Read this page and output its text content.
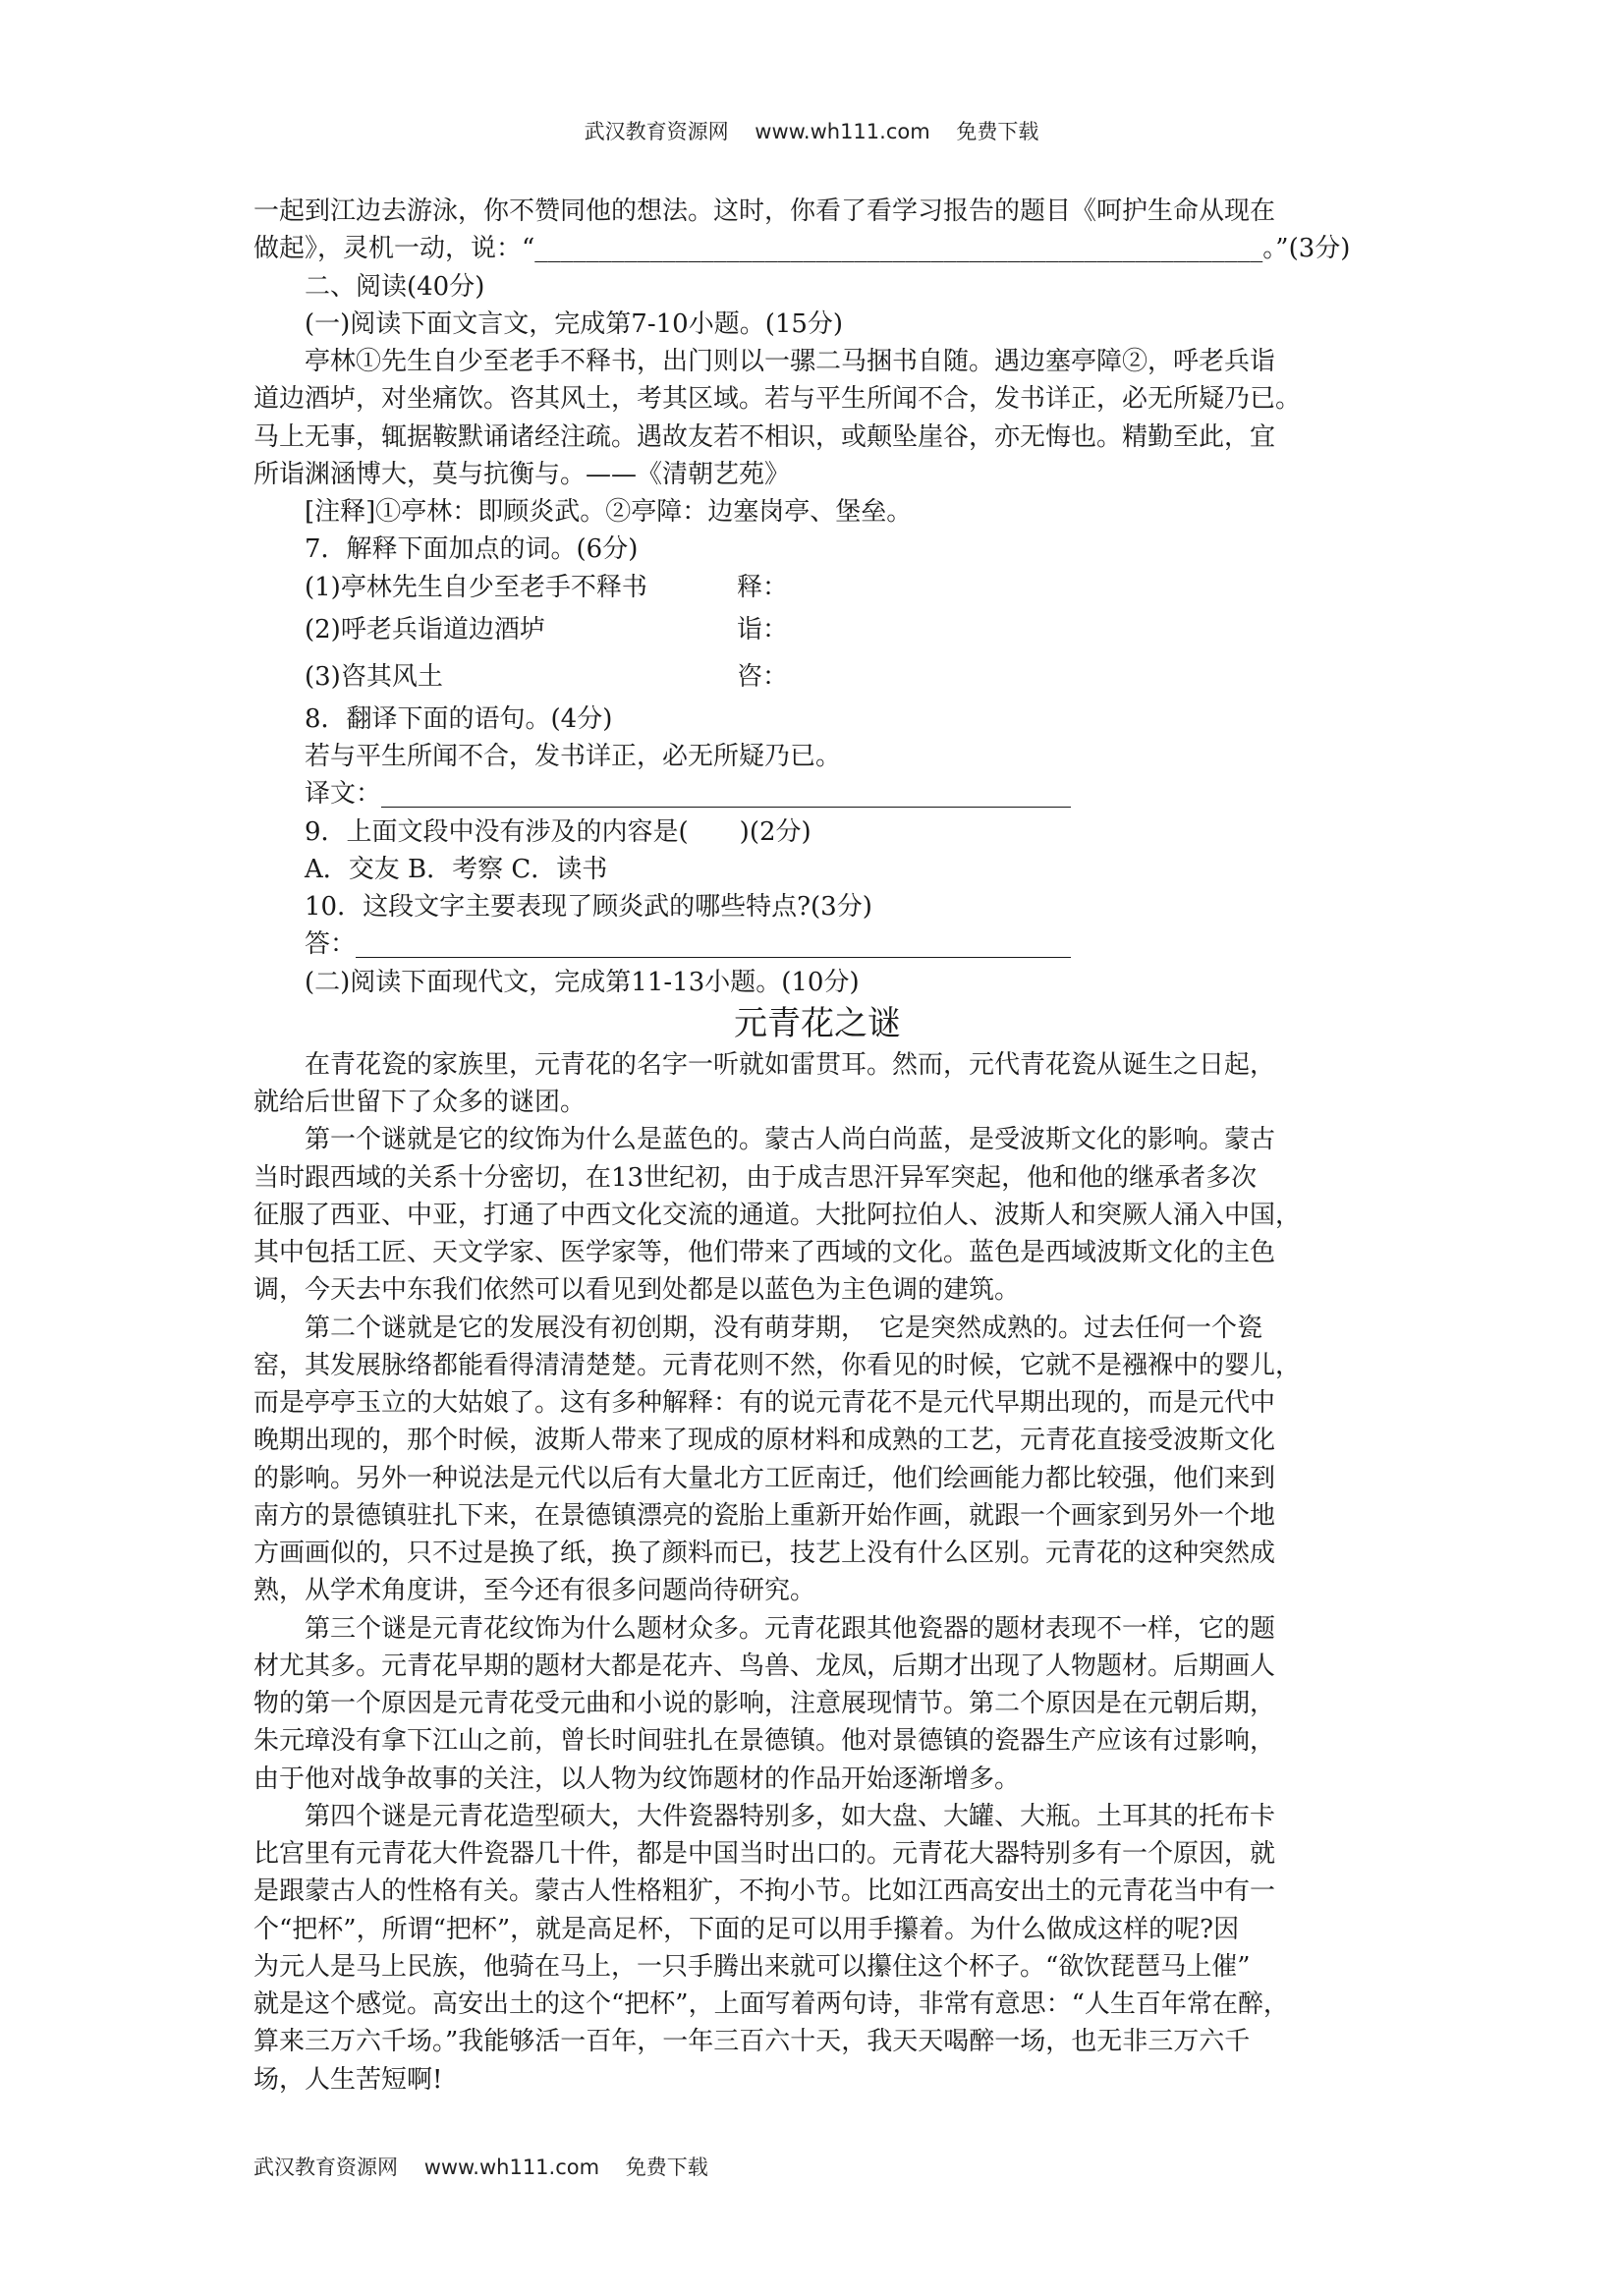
武汉教育资源网    www.wh111.com    免费下载
一起到江边去游泳，你不赞同他的想法。这时，你看了看学习报告的题目《呵护生命从现在
做起》，灵机一动，说：“_________________________________________________________。”(3分)
二、阅读(40分)
(一)阅读下面文言文，完成第7-10小题。(15分)
亭林①先生自少至老手不释书，出门则以一骡二马捆书自随。遇边塞亭障②，呼老兵诣
道边酒垆，对坐痛饮。咨其风土，考其区域。若与平生所闻不合，发书详正，必无所疑乃已。
马上无事，辄据鞍默诵诸经注疏。遇故友若不相识，或颠坠崖谷，亦无悔也。精勤至此，宜
所诣渊涵博大，莫与抗衡与。——《清朝艺苑》
[注释]①亭林：即顾炎武。②亭障：边塞岗亭、堡垒。
7．解释下面加点的词。(6分)
(1)亭林先生自少至老手不释书	释：
(2)呼老兵诣道边酒垆	诣：
(3)咨其风土	咨：
8．翻译下面的语句。(4分)
若与平生所闻不合，发书详正，必无所疑乃已。
译文：______________________________________________________
9．上面文段中没有涉及的内容是(　　)(2分)
A．交友 B．考察 C．读书
10．这段文字主要表现了顾炎武的哪些特点?(3分)
答：________________________________________________________
(二)阅读下面现代文，完成第11-13小题。(10分)
元青花之谜
在青花瓷的家族里，元青花的名字一听就如雷贯耳。然而，元代青花瓷从诞生之日起，
就给后世留下了众多的谜团。
第一个谜就是它的纹饰为什么是蓝色的。蒙古人尚白尚蓝，是受波斯文化的影响。蒙古
当时跟西域的关系十分密切，在13世纪初，由于成吉思汗异军突起，他和他的继承者多次
征服了西亚、中亚，打通了中西文化交流的通道。大批阿拉伯人、波斯人和突厥人涌入中国，
其中包括工匠、天文学家、医学家等，他们带来了西域的文化。蓝色是西域波斯文化的主色
调，今天去中东我们依然可以看见到处都是以蓝色为主色调的建筑。
第二个谜就是它的发展没有初创期，没有萌芽期，　它是突然成熟的。过去任何一个瓷
窑，其发展脉络都能看得清清楚楚。元青花则不然，你看见的时候，它就不是襁褓中的婴儿，
而是亭亭玉立的大姑娘了。这有多种解释：有的说元青花不是元代早期出现的，而是元代中
晚期出现的，那个时候，波斯人带来了现成的原材料和成熟的工艺，元青花直接受波斯文化
的影响。另外一种说法是元代以后有大量北方工匠南迁，他们绘画能力都比较强，他们来到
南方的景德镇驻扎下来，在景德镇漂亮的瓷胎上重新开始作画，就跟一个画家到另外一个地
方画画似的，只不过是换了纸，换了颜料而已，技艺上没有什么区别。元青花的这种突然成
熟，从学术角度讲，至今还有很多问题尚待研究。
第三个谜是元青花纹饰为什么题材众多。元青花跟其他瓷器的题材表现不一样，它的题
材尤其多。元青花早期的题材大都是花卉、鸟兽、龙凤，后期才出现了人物题材。后期画人
物的第一个原因是元青花受元曲和小说的影响，注意展现情节。第二个原因是在元朝后期，
朱元璋没有拿下江山之前，曾长时间驻扎在景德镇。他对景德镇的瓷器生产应该有过影响，
由于他对战争故事的关注，以人物为纹饰题材的作品开始逐渐增多。
第四个谜是元青花造型硕大，大件瓷器特别多，如大盘、大罐、大瓶。土耳其的托布卡
比宫里有元青花大件瓷器几十件，都是中国当时出口的。元青花大器特别多有一个原因，就
是跟蒙古人的性格有关。蒙古人性格粗犷，不拘小节。比如江西高安出土的元青花当中有一
个“把杯”，所谓“把杯”，就是高足杯，下面的足可以用手攥着。为什么做成这样的呢?因
为元人是马上民族，他骑在马上，一只手腾出来就可以攥住这个杯子。“欲饮琵琶马上催”
就是这个感觉。高安出土的这个“把杯”，上面写着两句诗，非常有意思：“人生百年常在醉，
算来三万六千场。”我能够活一百年，一年三百六十天，我天天喝醉一场，也无非三万六千
场，人生苦短啊!
武汉教育资源网    www.wh111.com    免费下载
